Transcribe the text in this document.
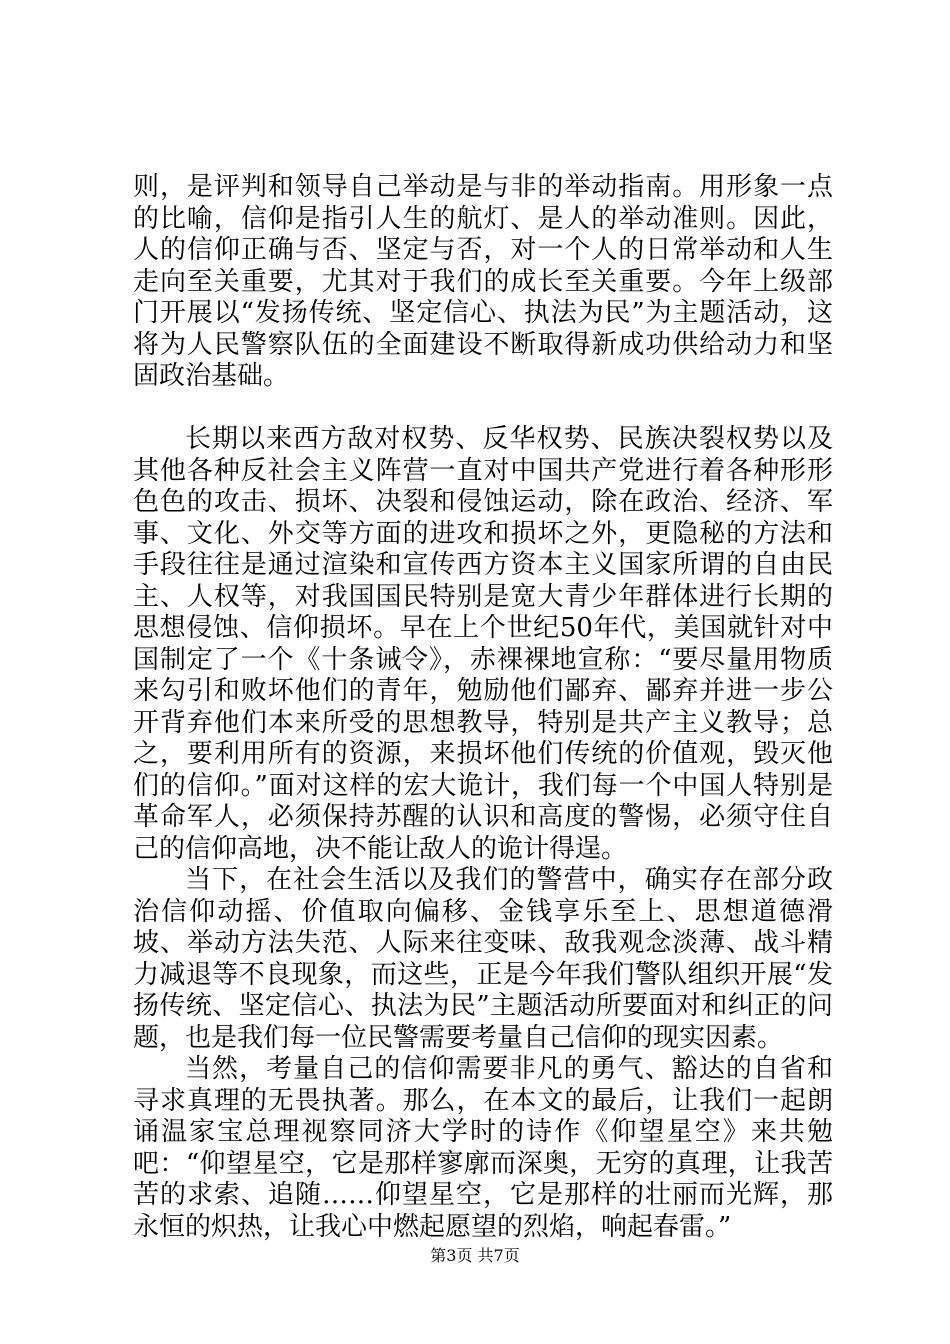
则，是评判和领导自己举动是与非的举动指南。用形象一点的比喻，信仰是指引人生的航灯、是人的举动准则。因此，人的信仰正确与否、坚定与否，对一个人的日常举动和人生走向至关重要，尤其对于我们的成长至关重要。今年上级部门开展以“发扬传统、坚定信心、执法为民”为主题活动，这将为人民警察队伍的全面建设不断取得新成功供给动力和坚固政治基础。

长期以来西方敌对权势、反华权势、民族决裂权势以及其他各种反社会主义阵营一直对中国共产党进行着各种形形色色的攻击、损坏、决裂和侵蚀运动，除在政治、经济、军事、文化、外交等方面的进攻和损坏之外，更隐秘的方法和手段往往是通过渲染和宣传西方资本主义国家所谓的自由民主、人权等，对我国国民特别是宽大青少年群体进行长期的思想侵蚀、信仰损坏。早在上个世纪50年代，美国就针对中国制定了一个《十条诫令》，赤裸裸地宣称：“要尽量用物质来勾引和败坏他们的青年，勉励他们鄙弃、鄙弃并进一步公开背弃他们本来所受的思想教导，特别是共产主义教导；总之，要利用所有的资源，来损坏他们传统的价值观，毁灭他们的信仰。”面对这样的宏大诡计，我们每一个中国人特别是革命军人，必须保持苏醒的认识和高度的警惕，必须守住自己的信仰高地，决不能让敌人的诡计得逞。

当下，在社会生活以及我们的警营中，确实存在部分政治信仰动摇、价值取向偏移、金钱享乐至上、思想道德滑坡、举动方法失范、人际来往变味、敌我观念淡薄、战斗精力减退等不良现象，而这些，正是今年我们警队组织开展“发扬传统、坚定信心、执法为民”主题活动所要面对和纠正的问题，也是我们每一位民警需要考量自己信仰的现实因素。

当然，考量自己的信仰需要非凡的勇气、豁达的自省和寻求真理的无畏执著。那么，在本文的最后，让我们一起朗诵温家宝总理视察同济大学时的诗作《仰望星空》来共勉吧：“仰望星空，它是那样寥廓而深奥，无穷的真理，让我苦苦的求索、追随……仰望星空，它是那样的壮丽而光辉，那永恒的炽热，让我心中燃起愿望的烈焰，响起春雷。”

第3页 共7页
